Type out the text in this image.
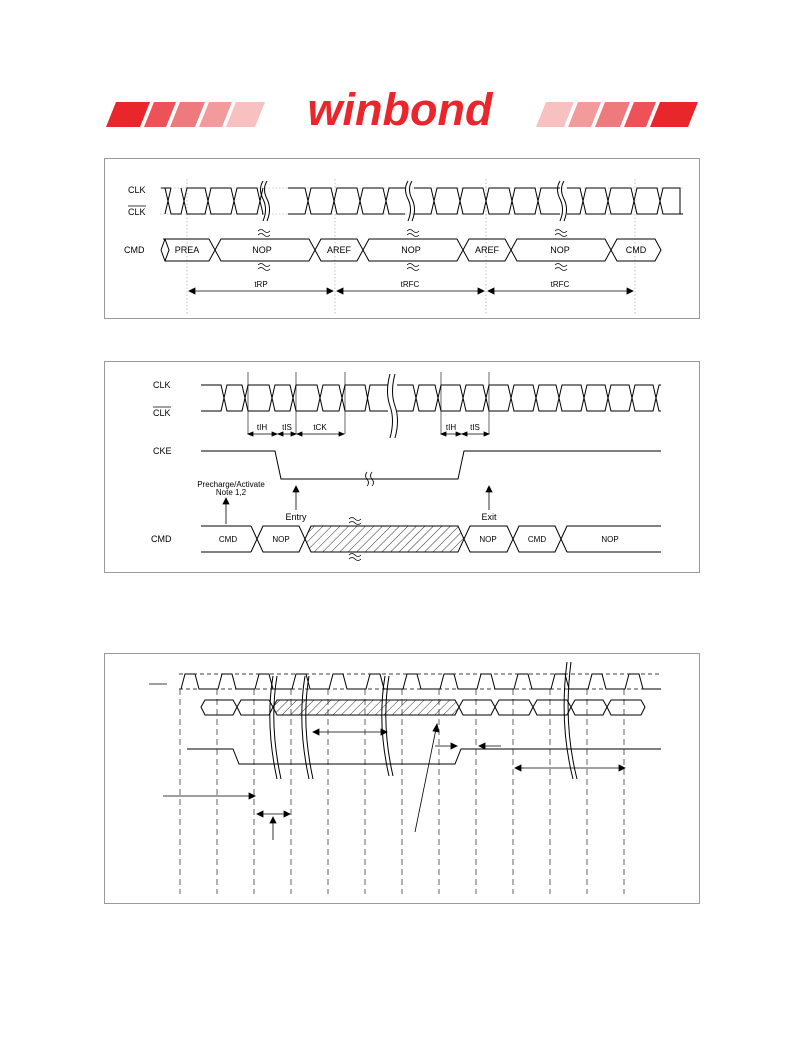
winbond
CLK
CLK
CMD	PREA	NOP	AREF	NOP	AREF	NOP	CMD
tRP	tRFC	tRFC
CLK
CLK
CKE
CMD
tIH tIS	tCK	tIH tIS
Precharge/Activate
Note 1,2
Entry	Exit
CMD	NOP	NOP	CMD	NOP
